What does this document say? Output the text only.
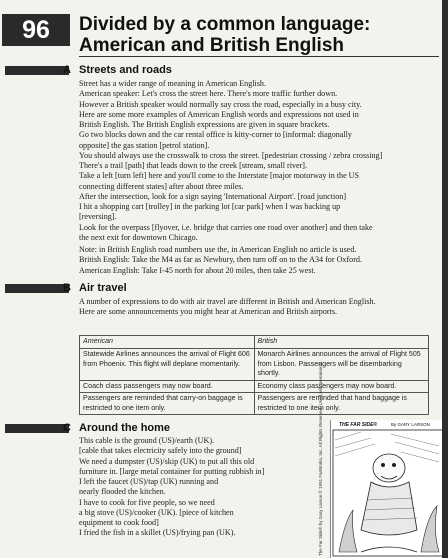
96	Divided by a common language:
American and British English
A Streets and roads
Street has a wider range of meaning in American English.
American speaker: Let's cross the street here. There's more traffic further down.
However a British speaker would normally say cross the road, especially in a busy city.
Here are some more examples of American English words and expressions not used in
British English. The British English expressions are given in square brackets.
Go two blocks down and the car rental office is kitty-corner to [informal: diagonally
opposite] the gas station [petrol station].
You should always use the crosswalk to cross the street. [pedestrian crossing / zebra crossing]
There's a trail [path] that leads down to the creek [stream, small river].
Take a left [turn left] here and you'll come to the Interstate [major motorway in the US
connecting different states] after about three miles.
After the intersection, look for a sign saying 'International Airport'. [road junction]
I hit a shopping cart [trolley] in the parking lot [car park] when I was backing up
[reversing].
Look for the overpass [flyover, i.e. bridge that carries one road over another] and then take
the next exit for downtown Chicago.
Note: in British English road numbers use the, in American English no article is used.
British English: Take the M4 as far as Newbury, then turn off on to the A34 for Oxford.
American English: Take I-45 north for about 20 miles, then take 25 west.
B Air travel
A number of expressions to do with air travel are different in British and American English.
Here are some announcements you might hear at American and British airports.
American	British
Statewide Airlines announces the arrival of Flight 606 from Phoenix. This flight will deplane momentarily.	Monarch Airlines announces the arrival of Flight 505 from Lisbon. Passengers will be disembarking shortly.
Coach class passengers may now board.	Economy class passengers may now board.
Passengers are reminded that carry-on baggage is restricted to one item only.	Passengers are reminded that hand baggage is restricted to one item only.
C Around the home
This cable is the ground (US)/earth (UK).
[cable that takes electricity safely into the ground]
We need a dumpster (US)/skip (UK) to put all this old
furniture in. [large metal container for putting rubbish in]
I left the faucet (US)/tap (UK) running and
nearly flooded the kitchen.
I have to cook for five people, so we need
a big stove (US)/cooker (UK). [piece of kitchen
equipment to cook food]
I fried the fish in a skillet (US)/frying pan (UK).	The Far Side® by Gary Larson © 1991 FarWorks, Inc. All Rights Reserved. Used with permission.	THE FAR SIDE®	By GARY LARSON
